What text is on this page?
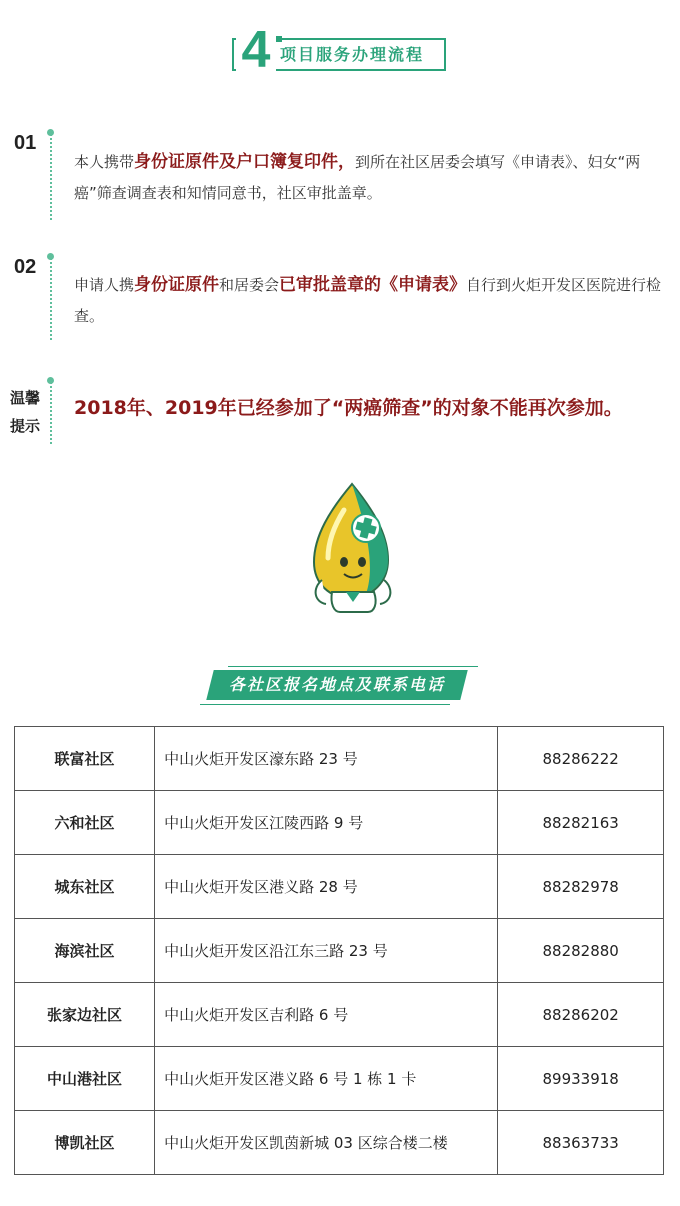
4 项目服务办理流程
01
本人携带身份证原件及户口簿复印件，到所在社区居委会填写《申请表》、妇女“两癌”筛查调查表和知情同意书，社区审批盖章。
02
申请人携身份证原件和居委会已审批盖章的《申请表》自行到火炬开发区医院进行检查。
温馨提示
2018年、2019年已经参加了“两癌筛查”的对象不能再次参加。
各社区报名地点及联系电话
联富社区	中山火炬开发区濠东路 23 号	88286222
六和社区	中山火炬开发区江陵西路 9 号	88282163
城东社区	中山火炬开发区港义路 28 号	88282978
海滨社区	中山火炬开发区沿江东三路 23 号	88282880
张家边社区	中山火炬开发区吉利路 6 号	88286202
中山港社区	中山火炬开发区港义路 6 号 1 栋 1 卡	89933918
博凯社区	中山火炬开发区凯茵新城 03 区综合楼二楼	88363733
